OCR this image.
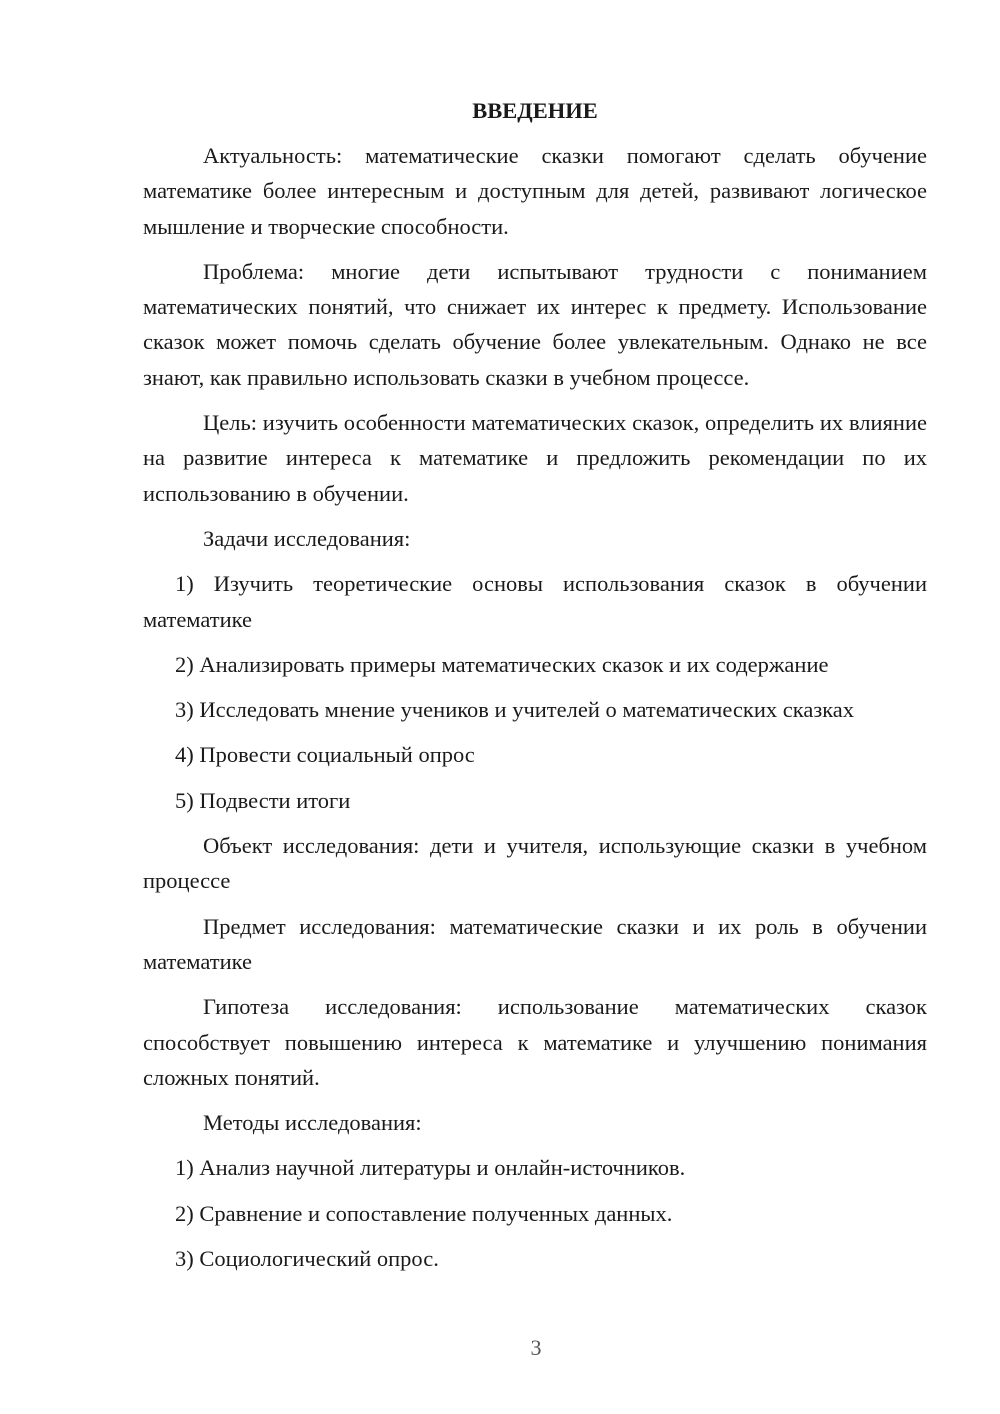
ВВЕДЕНИЕ

Актуальность: математические сказки помогают сделать обучение математике более интересным и доступным для детей, развивают логическое мышление и творческие способности.

Проблема: многие дети испытывают трудности с пониманием математических понятий, что снижает их интерес к предмету. Использование сказок может помочь сделать обучение более увлекательным. Однако не все знают, как правильно использовать сказки в учебном процессе.

Цель: изучить особенности математических сказок, определить их влияние на развитие интереса к математике и предложить рекомендации по их использованию в обучении.

Задачи исследования:

1) Изучить теоретические основы использования сказок в обучении математике

2) Анализировать примеры математических сказок и их содержание

3) Исследовать мнение учеников и учителей о математических сказках

4) Провести социальный опрос

5) Подвести итоги

Объект исследования: дети и учителя, использующие сказки в учебном процессе

Предмет исследования: математические сказки и их роль в обучении математике

Гипотеза исследования: использование математических сказок способствует повышению интереса к математике и улучшению понимания сложных понятий.

Методы исследования:

1) Анализ научной литературы и онлайн-источников.

2) Сравнение и сопоставление полученных данных.

3) Социологический опрос.

3
